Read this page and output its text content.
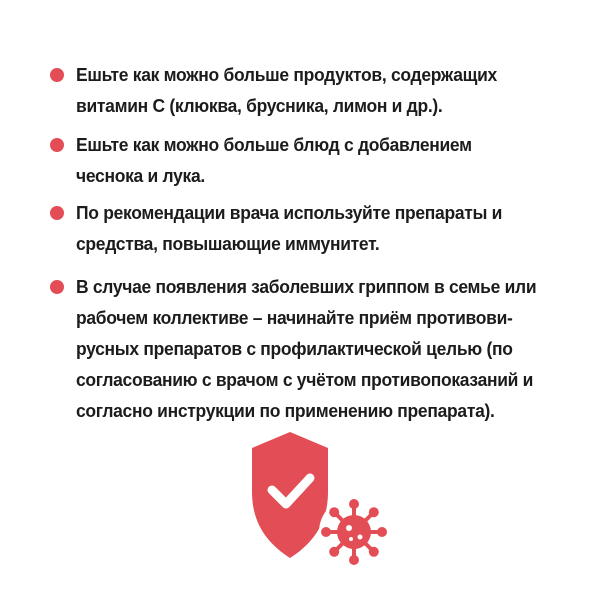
Ешьте как можно больше продуктов, содержащих
витамин С (клюква, брусника, лимон и др.).
Ешьте как можно больше блюд с добавлением
чеснока и лука.
По рекомендации врача используйте препараты и
средства, повышающие иммунитет.
В случае появления заболевших гриппом в семье или
рабочем коллективе – начинайте приём противови-
русных препаратов с профилактической целью (по
согласованию с врачом с учётом противопоказаний и
согласно инструкции по применению препарата).
